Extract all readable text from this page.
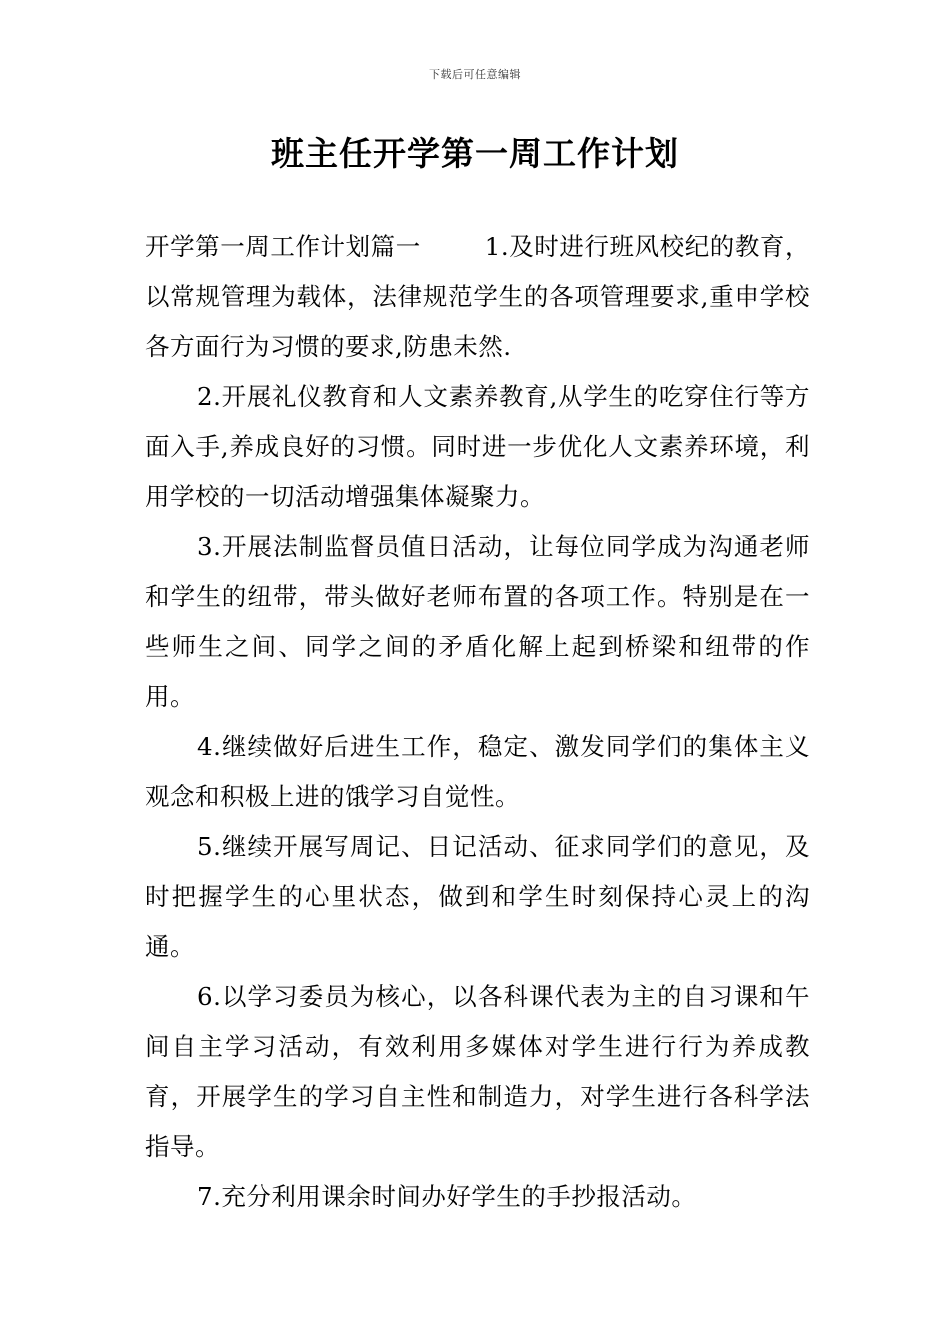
下载后可任意编辑
班主任开学第一周工作计划

开学第一周工作计划篇一	1.及时进行班风校纪的教育，以常规管理为载体，法律规范学生的各项管理要求,重申学校各方面行为习惯的要求,防患未然.

2.开展礼仪教育和人文素养教育,从学生的吃穿住行等方面入手,养成良好的习惯。同时进一步优化人文素养环境，利用学校的一切活动增强集体凝聚力。

3.开展法制监督员值日活动，让每位同学成为沟通老师和学生的纽带，带头做好老师布置的各项工作。特别是在一些师生之间、同学之间的矛盾化解上起到桥梁和纽带的作用。

4.继续做好后进生工作，稳定、激发同学们的集体主义观念和积极上进的饿学习自觉性。

5.继续开展写周记、日记活动、征求同学们的意见，及时把握学生的心里状态，做到和学生时刻保持心灵上的沟通。

6.以学习委员为核心，以各科课代表为主的自习课和午间自主学习活动，有效利用多媒体对学生进行行为养成教育，开展学生的学习自主性和制造力，对学生进行各科学法指导。

7.充分利用课余时间办好学生的手抄报活动。
